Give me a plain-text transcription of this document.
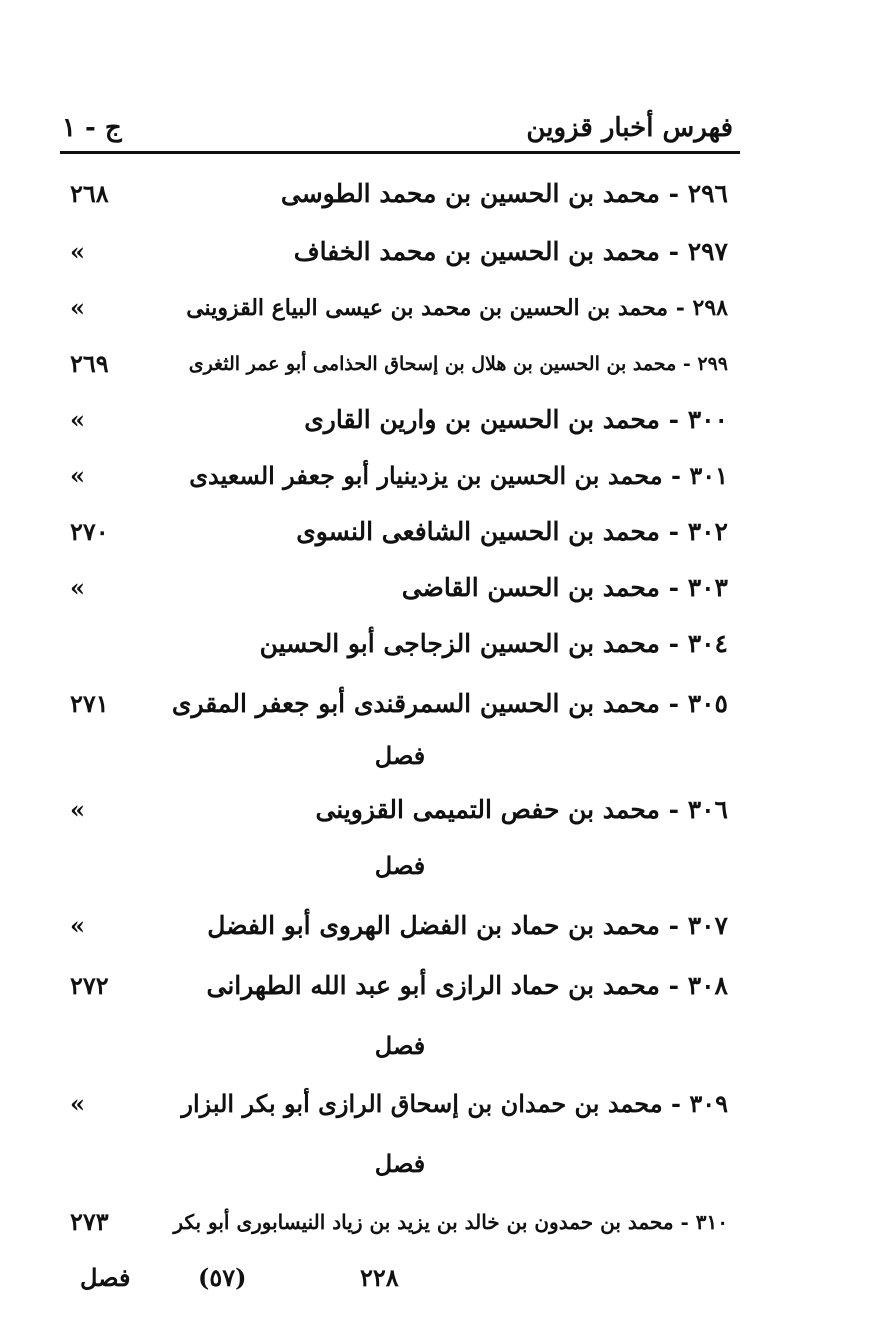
فهرس أخبار قزوين
ج - ١
٢٩٦ - محمد بن الحسين بن محمد الطوسى
٢٦٨
٢٩٧ - محمد بن الحسين بن محمد الخفاف
»
٢٩٨ - محمد بن الحسين بن محمد بن عيسى البياع القزوينى
»
٢٩٩ - محمد بن الحسين بن هلال بن إسحاق الحذامى أبو عمر الثغرى
٢٦٩
٣٠٠ - محمد بن الحسين بن وارين القارى
»
٣٠١ - محمد بن الحسين بن يزدينيار أبو جعفر السعيدى
»
٣٠٢ - محمد بن الحسين الشافعى النسوى
٢٧٠
٣٠٣ - محمد بن الحسن القاضى
»
٣٠٤ - محمد بن الحسين الزجاجى أبو الحسين
٣٠٥ - محمد بن الحسين السمرقندى أبو جعفر المقرى
٢٧١
فصل
٣٠٦ - محمد بن حفص التميمى القزوينى
»
فصل
٣٠٧ - محمد بن حماد بن الفضل الهروى أبو الفضل
»
٣٠٨ - محمد بن حماد الرازى أبو عبد الله الطهرانى
٢٧٢
فصل
٣٠٩ - محمد بن حمدان بن إسحاق الرازى أبو بكر البزار
»
فصل
٣١٠ - محمد بن حمدون بن خالد بن يزيد بن زياد النيسابورى أبو بكر
٢٧٣
فصل	(٥٧)	٢٢٨
